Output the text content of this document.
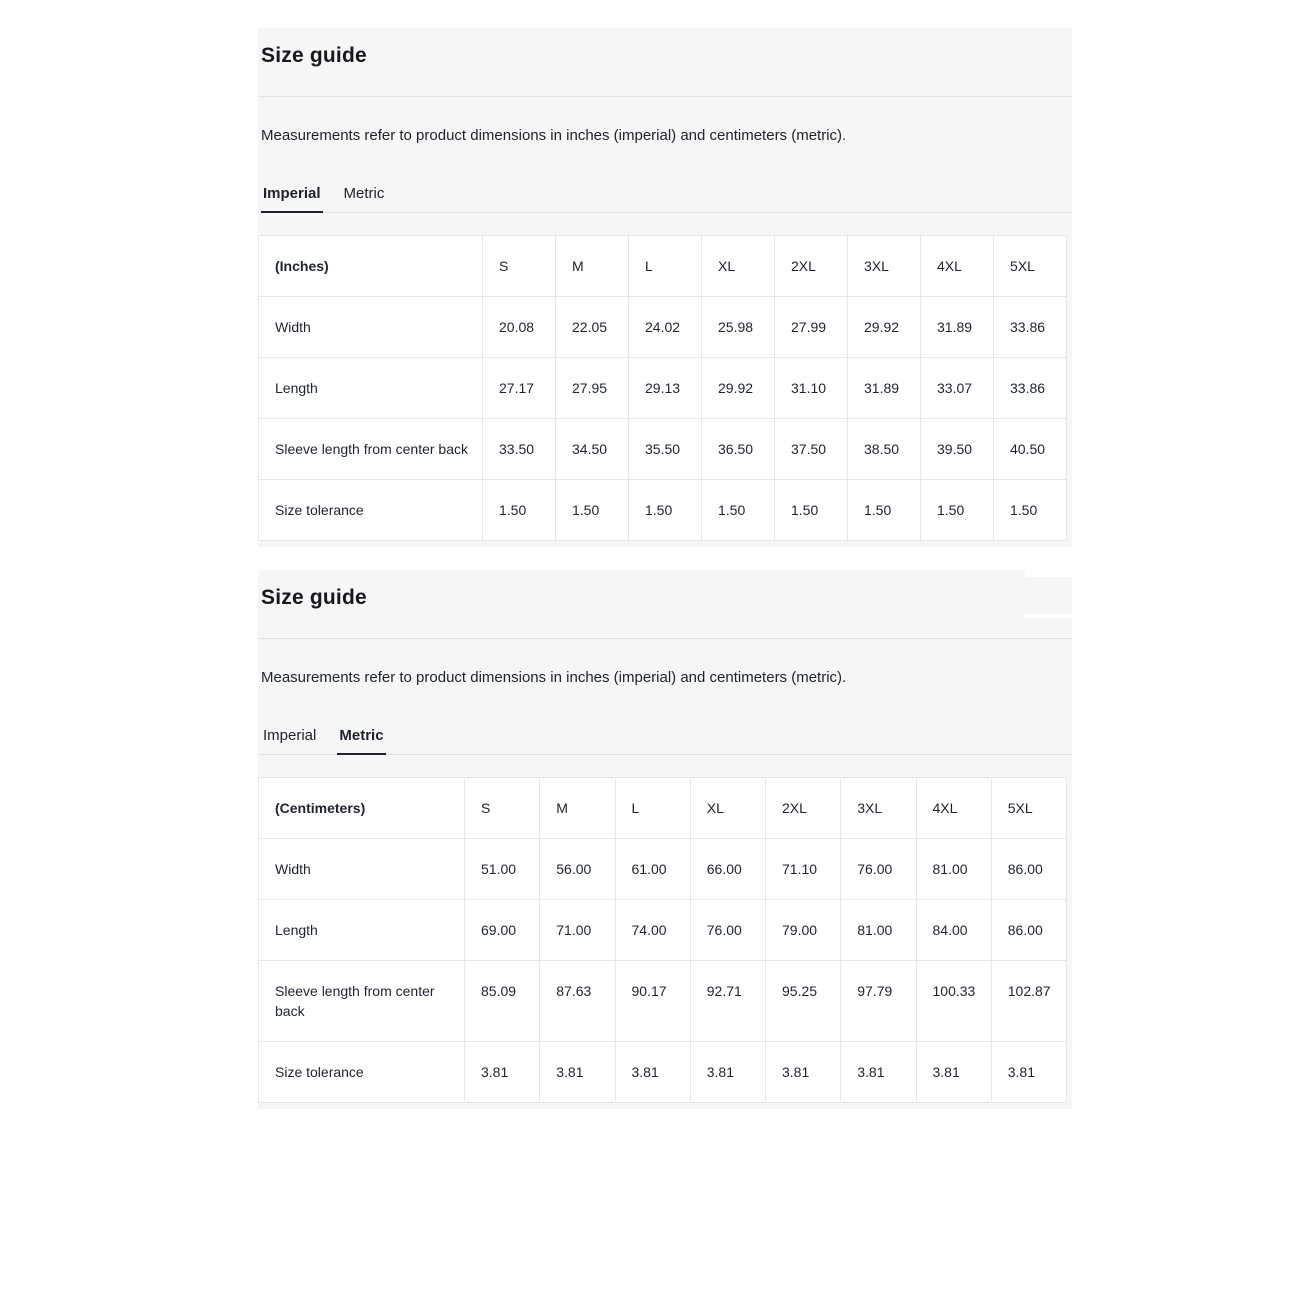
Size guide

Measurements refer to product dimensions in inches (imperial) and centimeters (metric).

Imperial Metric
(Inches)	S	M	L	XL	2XL	3XL	4XL	5XL
Width	20.08	22.05	24.02	25.98	27.99	29.92	31.89	33.86
Length	27.17	27.95	29.13	29.92	31.10	31.89	33.07	33.86
Sleeve length from center back	33.50	34.50	35.50	36.50	37.50	38.50	39.50	40.50
Size tolerance	1.50	1.50	1.50	1.50	1.50	1.50	1.50	1.50
Size guide

Measurements refer to product dimensions in inches (imperial) and centimeters (metric).

Imperial Metric
(Centimeters)	S	M	L	XL	2XL	3XL	4XL	5XL
Width	51.00	56.00	61.00	66.00	71.10	76.00	81.00	86.00
Length	69.00	71.00	74.00	76.00	79.00	81.00	84.00	86.00
Sleeve length from center back	85.09	87.63	90.17	92.71	95.25	97.79	100.33	102.87
Size tolerance	3.81	3.81	3.81	3.81	3.81	3.81	3.81	3.81
